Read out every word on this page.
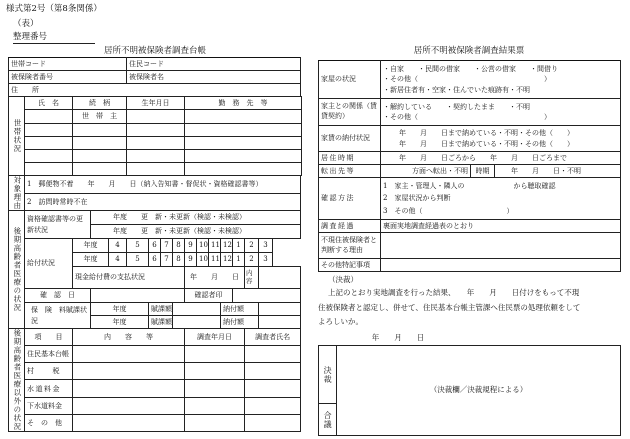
様式第2号（第8条関係）
（表）
整理番号
居所不明被保険者調査台帳	居所不明被保険者調査結果票
世帯コード					住民コード										
被保険者番号					被保険者名										
住　　所															
世帯状況	氏　名	続　柄			生年月日				勤　務　先　等						
		世　帯　主													

対象理由	1　郵便物不着　　年　　月　　日（納入告知書・督促状・資格確認書等）														
	2　訪問時常時不在														
後期高齢者医療の状況	資格確認書等の更新状況		年度　　更　新・未更新（検認・未検認）												
			年度　　更　新・未更新（検認・未検認）												
	給付状況	年度		4	5	6	7	8	9	10	11	12	1	2	3
		年度		4	5	6	7	8	9	10	11	12	1	2	3
		現金給付費の支払状況							年　　月　　日					内容	

	確　認　日								確認者印						
	保　険　料賦課状況		年度			賦課額						納付額			
			年度			賦課額						納付額			
後期高齢者医療以外の状況	項　　目	内　　容　　等							調査年月日					調査者氏名	
	住民基本台帳														
	村　　税														
	水道料金														
	下水道料金														
	そ　の　他														
家屋の状況	・自家　　・民間の借家　　・公営の借家　　・間借り
・その他（　　　　　　　　　　　　　　　　　　）
・新居住者有・空家・住んでいた痕跡有・不明		

家主との関係（賃貸契約）	・解約している　　・契約したまま　　・不明
・その他（　　　　　　　　　　　　　　　　　　）		

家賃の納付状況	年　　月　　日まで納めている・不明・その他（　　）
年　　月　　日まで納めている・不明・その他（　　）		

居住時期	年　　月　　日ごろから　　年　　月　　日ごろまで		
転出先等	方面へ転出・不明	時期	年　　月　　日・不明
確認方法	1　家主・管理人・隣人の　　　　　　　から聴取確認
2　家屋状況から判断
3　その他（　　　　　　　　　　　　）		

調査経過	裏面実地調査経過表のとおり		
不現住被保険者と判断する理由			
その他特記事項			
（決裁）
上記のとおり実地調査を行った結果、　　年　　月　　日付けをもって不現
住被保険者と認定し、併せて、住民基本台帳主管課へ住民票の処理依頼をして
よろしいか。
年　　月　　日
決裁	（決裁欄／決裁規程による）
合議
